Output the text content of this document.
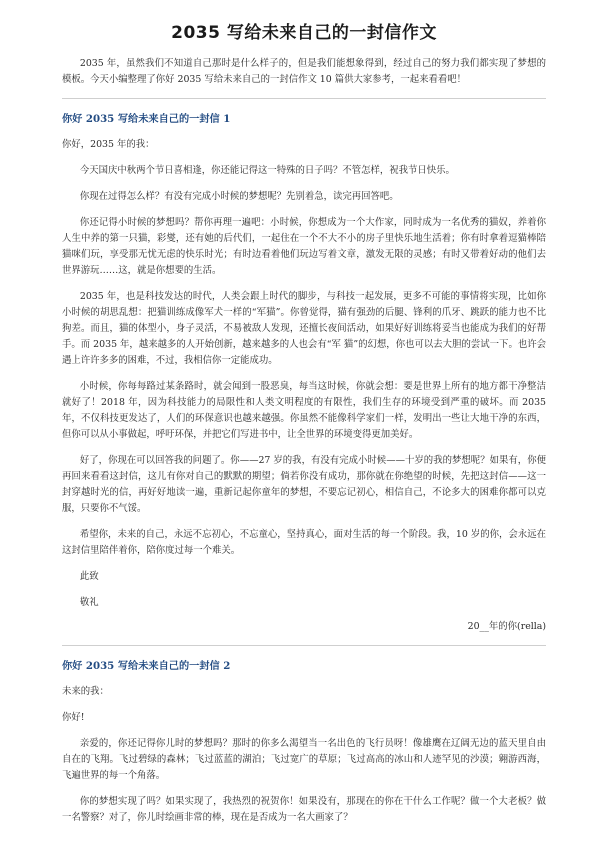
2035 写给未来自己的一封信作文

2035 年，虽然我们不知道自己那时是什么样子的，但是我们能想象得到，经过自己的努力我们都实现了梦想的模板。今天小编整理了你好 2035 写给未来自己的一封信作文 10 篇供大家参考，一起来看看吧！

你好 2035 写给未来自己的一封信 1

你好，2035 年的我：

今天国庆中秋两个节日喜相逢，你还能记得这一特殊的日子吗？不管怎样，祝我节日快乐。

你现在过得怎么样？有没有完成小时候的梦想呢？先别着急，读完再回答吧。

你还记得小时候的梦想吗？帮你再理一遍吧：小时候，你想成为一个大作家，同时成为一名优秀的猫奴，养着你人生中养的第一只猫，彩燮，还有她的后代们，一起住在一个不大不小的房子里快乐地生活着；你有时拿着逗猫棒陪猫咪们玩，享受那无忧无虑的快乐时光；有时边看着他们玩边写着文章，激发无限的灵感；有时又带着好动的他们去世界游玩……这，就是你想要的生活。

2035 年，也是科技发达的时代，人类会跟上时代的脚步，与科技一起发展，更多不可能的事情将实现，比如你小时候的胡思乱想：把猫训练成像军犬一样的“军猫”。你曾觉得，猫有强劲的后腿、锋利的爪牙、跳跃的能力也不比狗差。而且，猫的体型小，身子灵活，不易被敌人发现，还擅长夜间活动，如果好好训练将妥当也能成为我们的好帮手。而 2035 年，越来越多的人开始创新，越来越多的人也会有“军 猫”的幻想，你也可以去大胆的尝试一下。也许会遇上许许多多的困难，不过，我相信你一定能成功。

小时候，你每每路过某条路时，就会闻到一股恶臭，每当这时候，你就会想：要是世界上所有的地方都干净整洁就好了！2018 年，因为科技能力的局限性和人类文明程度的有限性，我们生存的环境受到严重的破坏。而 2035 年，不仅科技更发达了，人们的环保意识也越来越强。你虽然不能像科学家们一样，发明出一些让大地干净的东西，但你可以从小事做起，呼吁环保，并把它们写进书中，让全世界的环境变得更加美好。

好了，你现在可以回答我的问题了。你——27 岁的我，有没有完成小时候——十岁的我的梦想呢？如果有，你便再回来看看这封信，这儿有你对自己的默默的期望；倘若你没有成功，那你就在你绝望的时候，先把这封信——这一封穿越时光的信，再好好地读一遍，重新记起你童年的梦想，不要忘记初心，相信自己，不论多大的困难你都可以克服，只要你不气馁。

希望你，未来的自己，永远不忘初心，不忘童心，坚持真心，面对生活的每一个阶段。我，10 岁的你，会永远在这封信里陪伴着你，陪你度过每一个难关。

此致

敬礼

20__年的你(rella)

你好 2035 写给未来自己的一封信 2

未来的我：

你好!

亲爱的，你还记得你儿时的梦想吗？那时的你多么渴望当一名出色的飞行员呀！像雄鹰在辽阔无边的蓝天里自由自在的飞翔。飞过碧绿的森林；飞过蓝蓝的湖泊；飞过宽广的草原；飞过高高的冰山和人迹罕见的沙漠；翱游西海，飞遍世界的每一个角落。

你的梦想实现了吗？如果实现了，我热烈的祝贺你！如果没有，那现在的你在干什么工作呢？做一个大老板？做一名警察？对了，你儿时绘画非常的棒，现在是否成为一名大画家了？
